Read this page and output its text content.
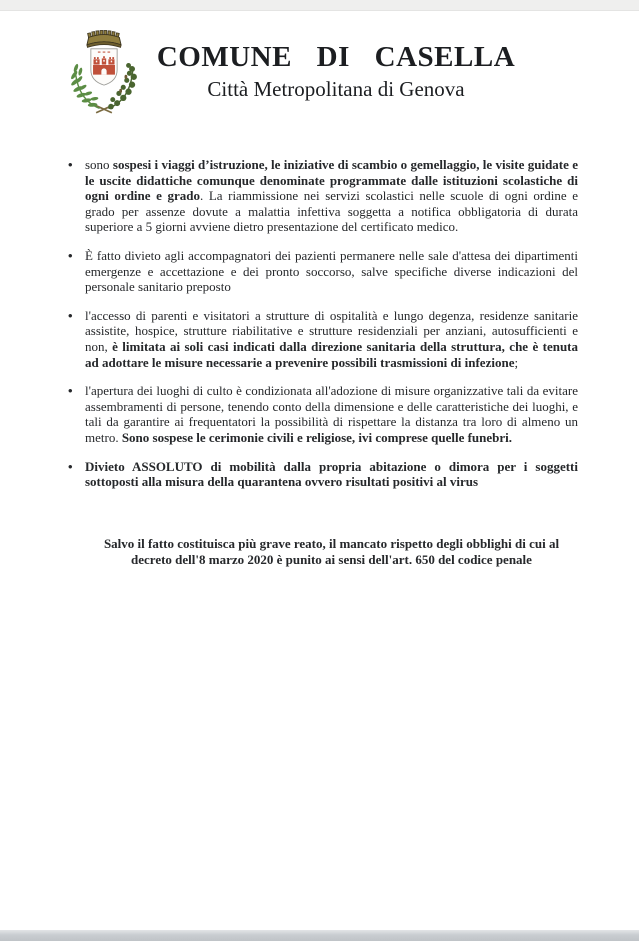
COMUNE DI CASELLA
Città Metropolitana di Genova
• sono sospesi i viaggi d’istruzione, le iniziative di scambio o gemellaggio, le visite guidate e le uscite didattiche comunque denominate programmate dalle istituzioni scolastiche di ogni ordine e grado. La riammissione nei servizi scolastici nelle scuole di ogni ordine e grado per assenze dovute a malattia infettiva soggetta a notifica obbligatoria di durata superiore a 5 giorni avviene dietro presentazione del certificato medico.
• È fatto divieto agli accompagnatori dei pazienti permanere nelle sale d'attesa dei dipartimenti emergenze e accettazione e dei pronto soccorso, salve specifiche diverse indicazioni del personale sanitario preposto
• l'accesso di parenti e visitatori a strutture di ospitalità e lungo degenza, residenze sanitarie assistite, hospice, strutture riabilitative e strutture residenziali per anziani, autosufficienti e non, è limitata ai soli casi indicati dalla direzione sanitaria della struttura, che è tenuta ad adottare le misure necessarie a prevenire possibili trasmissioni di infezione;
• l'apertura dei luoghi di culto è condizionata all'adozione di misure organizzative tali da evitare assembramenti di persone, tenendo conto della dimensione e delle caratteristiche dei luoghi, e tali da garantire ai frequentatori la possibilità di rispettare la distanza tra loro di almeno un metro. Sono sospese le cerimonie civili e religiose, ivi comprese quelle funebri.
• Divieto ASSOLUTO di mobilità dalla propria abitazione o dimora per i soggetti sottoposti alla misura della quarantena ovvero risultati positivi al virus

Salvo il fatto costituisca più grave reato, il mancato rispetto degli obblighi di cui al
decreto dell'8 marzo 2020 è punito ai sensi dell'art. 650 del codice penale
